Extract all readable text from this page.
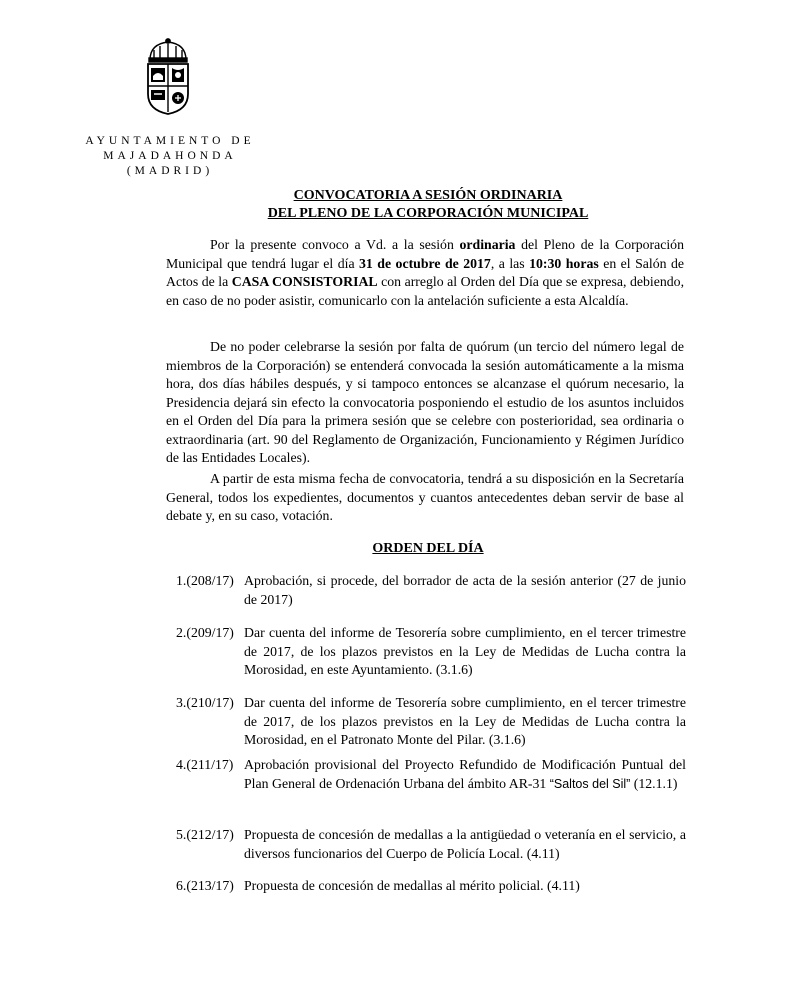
AYUNTAMIENTO DE
MAJADAHONDA
(MADRID)
CONVOCATORIA A SESIÓN ORDINARIA
DEL PLENO DE LA CORPORACIÓN MUNICIPAL

Por la presente convoco a Vd. a la sesión ordinaria del Pleno de la Corporación Municipal que tendrá lugar el día 31 de octubre de 2017, a las 10:30 horas en el Salón de Actos de la CASA CONSISTORIAL con arreglo al Orden del Día que se expresa, debiendo, en caso de no poder asistir, comunicarlo con la antelación suficiente a esta Alcaldía.

De no poder celebrarse la sesión por falta de quórum (un tercio del número legal de miembros de la Corporación) se entenderá convocada la sesión automáticamente a la misma hora, dos días hábiles después, y si tampoco entonces se alcanzase el quórum necesario, la Presidencia dejará sin efecto la convocatoria posponiendo el estudio de los asuntos incluidos en el Orden del Día para la primera sesión que se celebre con posterioridad, sea ordinaria o extraordinaria (art. 90 del Reglamento de Organización, Funcionamiento y Régimen Jurídico de las Entidades Locales).

A partir de esta misma fecha de convocatoria, tendrá a su disposición en la Secretaría General, todos los expedientes, documentos y cuantos antecedentes deban servir de base al debate y, en su caso, votación.

ORDEN DEL DÍA
1.(208/17) Aprobación, si procede, del borrador de acta de la sesión anterior (27 de junio de 2017)
2.(209/17) Dar cuenta del informe de Tesorería sobre cumplimiento, en el tercer trimestre de 2017, de los plazos previstos en la Ley de Medidas de Lucha contra la Morosidad, en este Ayuntamiento. (3.1.6)
3.(210/17) Dar cuenta del informe de Tesorería sobre cumplimiento, en el tercer trimestre de 2017, de los plazos previstos en la Ley de Medidas de Lucha contra la Morosidad, en el Patronato Monte del Pilar. (3.1.6)
4.(211/17) Aprobación provisional del Proyecto Refundido de Modificación Puntual del Plan General de Ordenación Urbana del ámbito AR-31 “Saltos del Sil” (12.1.1)
5.(212/17) Propuesta de concesión de medallas a la antigüedad o veteranía en el servicio, a diversos funcionarios del Cuerpo de Policía Local. (4.11)
6.(213/17) Propuesta de concesión de medallas al mérito policial. (4.11)
